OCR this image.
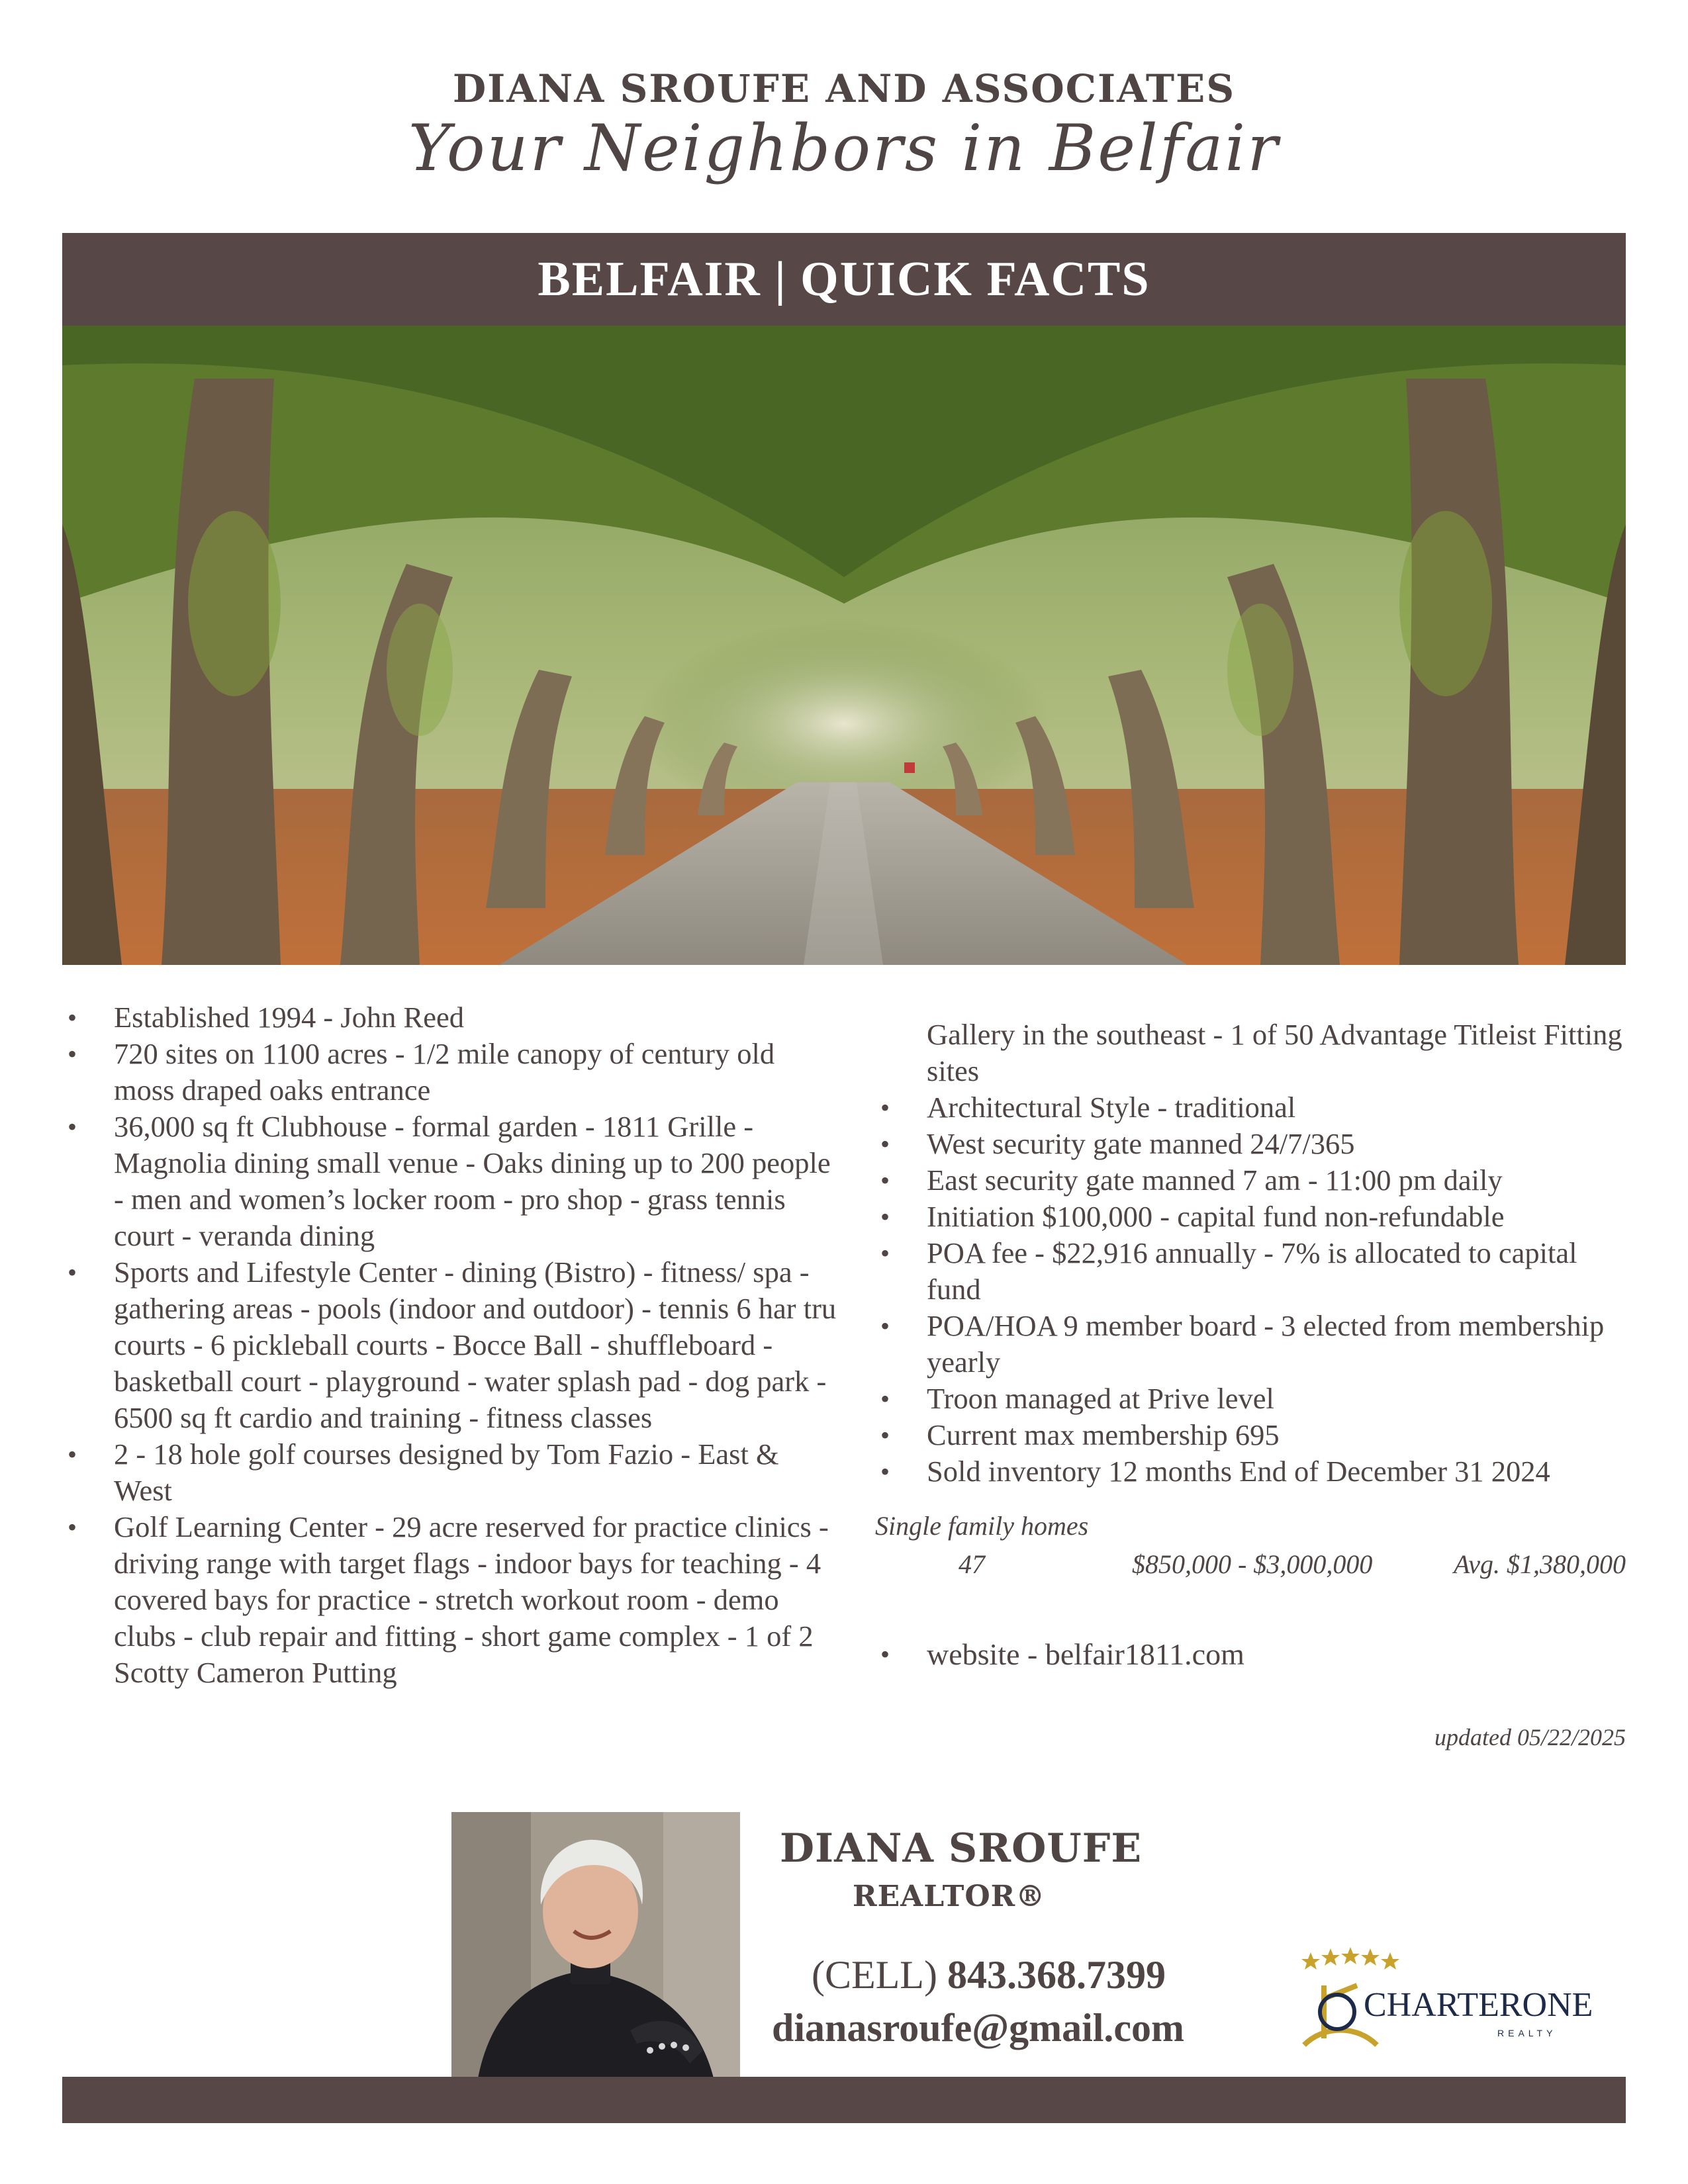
DIANA SROUFE AND ASSOCIATES
Your Neighbors in Belfair
BELFAIR | QUICK FACTS
• Established 1994 - John Reed
• 720 sites on 1100 acres - 1/2 mile canopy of century old moss draped oaks entrance
• 36,000 sq ft Clubhouse - formal garden - 1811 Grille - Magnolia dining small venue - Oaks dining up to 200 people - men and women’s locker room - pro shop - grass tennis court - veranda dining
• Sports and Lifestyle Center - dining (Bistro) - fitness/ spa - gathering areas - pools (indoor and outdoor) - tennis 6 har tru courts - 6 pickleball courts - Bocce Ball - shuffleboard - basketball court - playground - water splash pad - dog park - 6500 sq ft cardio and training - fitness classes
• 2 - 18 hole golf courses designed by Tom Fazio - East & West
• Golf Learning Center - 29 acre reserved for practice clinics - driving range with target flags - indoor bays for teaching - 4 covered bays for practice - stretch workout room - demo clubs - club repair and fitting - short game complex - 1 of 2 Scotty Cameron Putting
Gallery in the southeast - 1 of 50 Advantage Titleist Fitting sites
• Architectural Style - traditional
• West security gate manned 24/7/365
• East security gate manned 7 am - 11:00 pm daily
• Initiation $100,000 - capital fund non-refundable
• POA fee - $22,916 annually - 7% is allocated to capital fund
• POA/HOA 9 member board - 3 elected from membership yearly
• Troon managed at Prive level
• Current max membership 695
• Sold inventory 12 months End of December 31 2024
Single family homes
47	$850,000 - $3,000,000	Avg. $1,380,000
• website - belfair1811.com
updated 05/22/2025
DIANA SROUFE
REALTOR®
(CELL) 843.368.7399
dianasroufe@gmail.com
CHARTERONE
REALTY
